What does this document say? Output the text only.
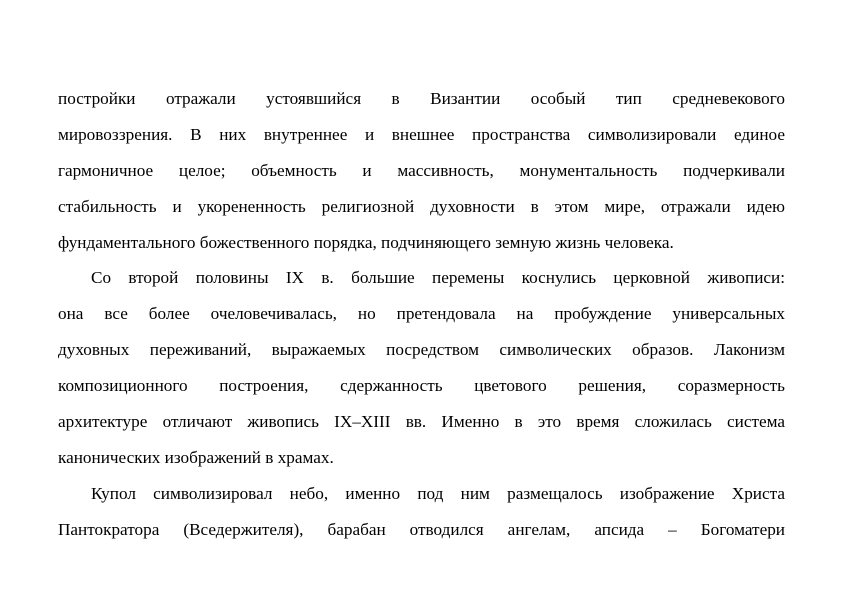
постройки отражали устоявшийся в Византии особый тип средневекового
мировоззрения. В них внутреннее и внешнее пространства символизировали единое
гармоничное целое; объемность и массивность, монументальность подчеркивали
стабильность и укорененность религиозной духовности в этом мире, отражали идею
фундаментального божественного порядка, подчиняющего земную жизнь человека.
Со второй половины IX в. большие перемены коснулись церковной живописи:
она все более очеловечивалась, но претендовала на пробуждение универсальных
духовных переживаний, выражаемых посредством символических образов. Лаконизм
композиционного построения, сдержанность цветового решения, соразмерность
архитектуре отличают живопись IX–XIII вв. Именно в это время сложилась система
канонических изображений в храмах.
Купол символизировал небо, именно под ним размещалось изображение Христа
Пантократора (Вседержителя), барабан отводился ангелам, апсида – Богоматери
